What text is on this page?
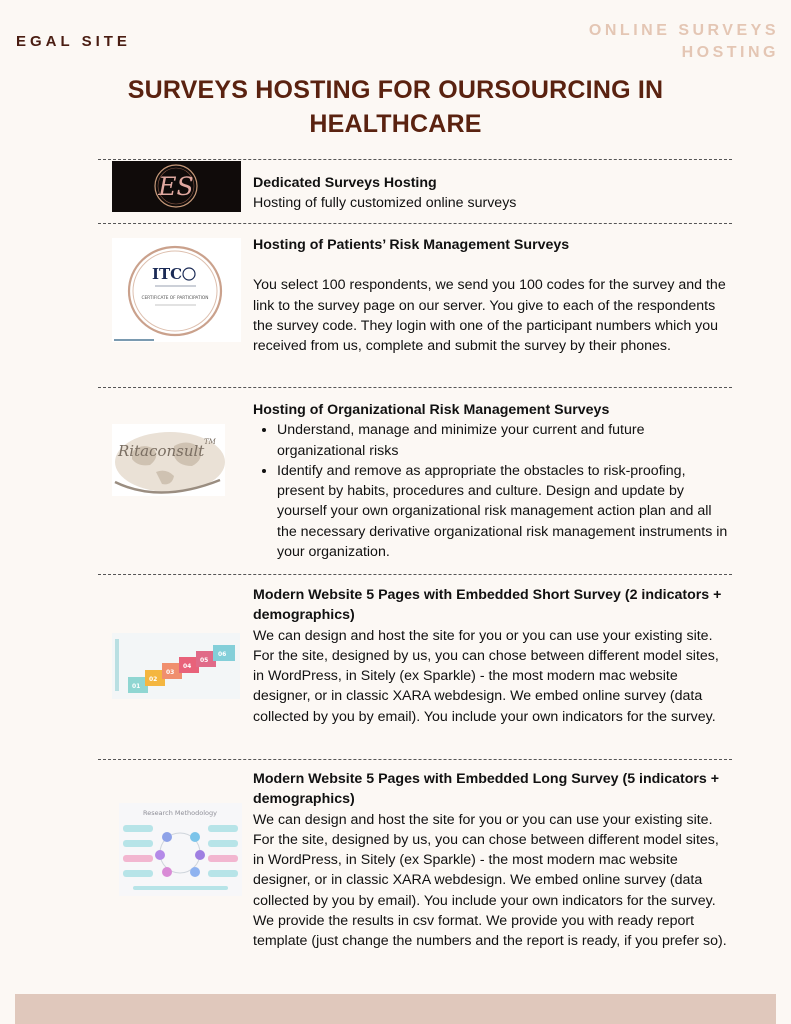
EGAL SITE
ONLINE SURVEYS
HOSTING
SURVEYS HOSTING FOR OURSOURCING IN
HEALTHCARE
ES
ITC
CERTIFICATE OF PARTICIPATION
Ritaconsult TM
01
02
03
04
05
06
Research Methodology
Dedicated Surveys Hosting

Hosting of fully customized online surveys

Hosting of Patients’ Risk Management Surveys

You select 100 respondents, we send you 100 codes for the survey and the link to the survey page on our server. You give to each of the respondents the survey code. They login with one of the participant numbers which you received from us, complete and submit the survey by their phones.

Hosting of Organizational Risk Management Surveys
• Understand, manage and minimize your current and future organizational risks
• Identify and remove as appropriate the obstacles to risk-proofing, present by habits, procedures and culture. Design and update by yourself your own organizational risk management action plan and all the necessary derivative organizational risk management instruments in your organization.
Modern Website 5 Pages with Embedded Short Survey (2 indicators + demographics)

We can design and host the site for you or you can use your existing site. For the site, designed by us, you can chose between different model sites, in WordPress, in Sitely (ex Sparkle) - the most modern mac website designer, or in classic XARA webdesign. We embed online survey (data collected by you by email). You include your own indicators for the survey.

Modern Website 5 Pages with Embedded Long Survey (5 indicators + demographics)

We can design and host the site for you or you can use your existing site. For the site, designed by us, you can chose between different model sites, in WordPress, in Sitely (ex Sparkle) - the most modern mac website designer, or in classic XARA webdesign. We embed online survey (data collected by you by email). You include your own indicators for the survey. We provide the results in csv format. We provide you with ready report template (just change the numbers and the report is ready, if you prefer so).
